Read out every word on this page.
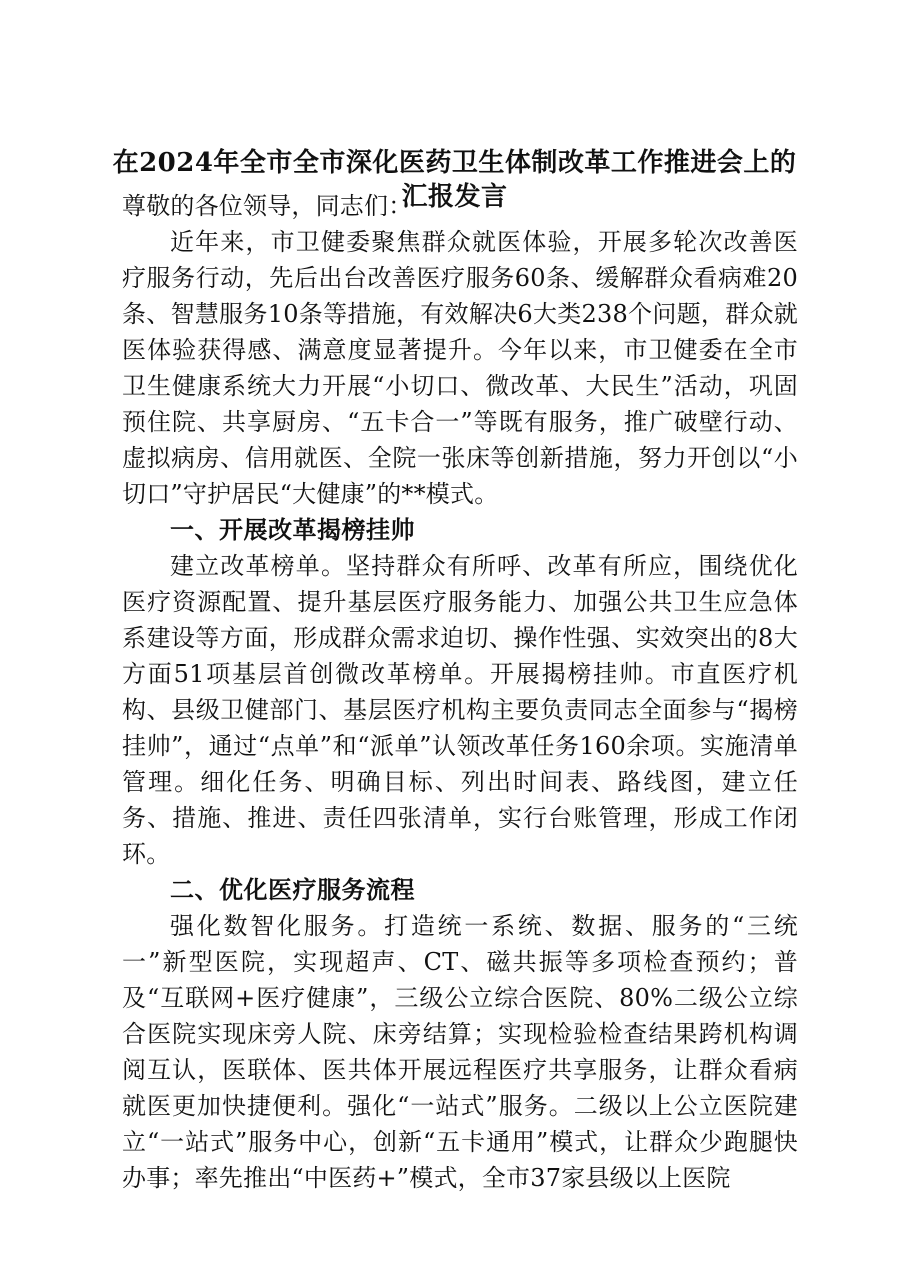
在2024年全市全市深化医药卫生体制改革工作推进会上的汇报发言

尊敬的各位领导，同志们：

近年来，市卫健委聚焦群众就医体验，开展多轮次改善医疗服务行动，先后出台改善医疗服务60条、缓解群众看病难20条、智慧服务10条等措施，有效解决6大类238个问题，群众就医体验获得感、满意度显著提升。今年以来，市卫健委在全市卫生健康系统大力开展“小切口、微改革、大民生”活动，巩固预住院、共享厨房、“五卡合一”等既有服务，推广破壁行动、虚拟病房、信用就医、全院一张床等创新措施，努力开创以“小切口”守护居民“大健康”的**模式。

一、开展改革揭榜挂帅

建立改革榜单。坚持群众有所呼、改革有所应，围绕优化医疗资源配置、提升基层医疗服务能力、加强公共卫生应急体系建设等方面，形成群众需求迫切、操作性强、实效突出的8大方面51项基层首创微改革榜单。开展揭榜挂帅。市直医疗机构、县级卫健部门、基层医疗机构主要负责同志全面参与“揭榜挂帅”，通过“点单”和“派单”认领改革任务160余项。实施清单管理。细化任务、明确目标、列出时间表、路线图，建立任务、措施、推进、责任四张清单，实行台账管理，形成工作闭环。

二、优化医疗服务流程

强化数智化服务。打造统一系统、数据、服务的“三统一”新型医院，实现超声、CT、磁共振等多项检查预约；普及“互联网+医疗健康”，三级公立综合医院、80%二级公立综合医院实现床旁人院、床旁结算；实现检验检查结果跨机构调阅互认，医联体、医共体开展远程医疗共享服务，让群众看病就医更加快捷便利。强化“一站式”服务。二级以上公立医院建立“一站式”服务中心，创新“五卡通用”模式，让群众少跑腿快办事；率先推出“中医药+”模式，全市37家县级以上医院
